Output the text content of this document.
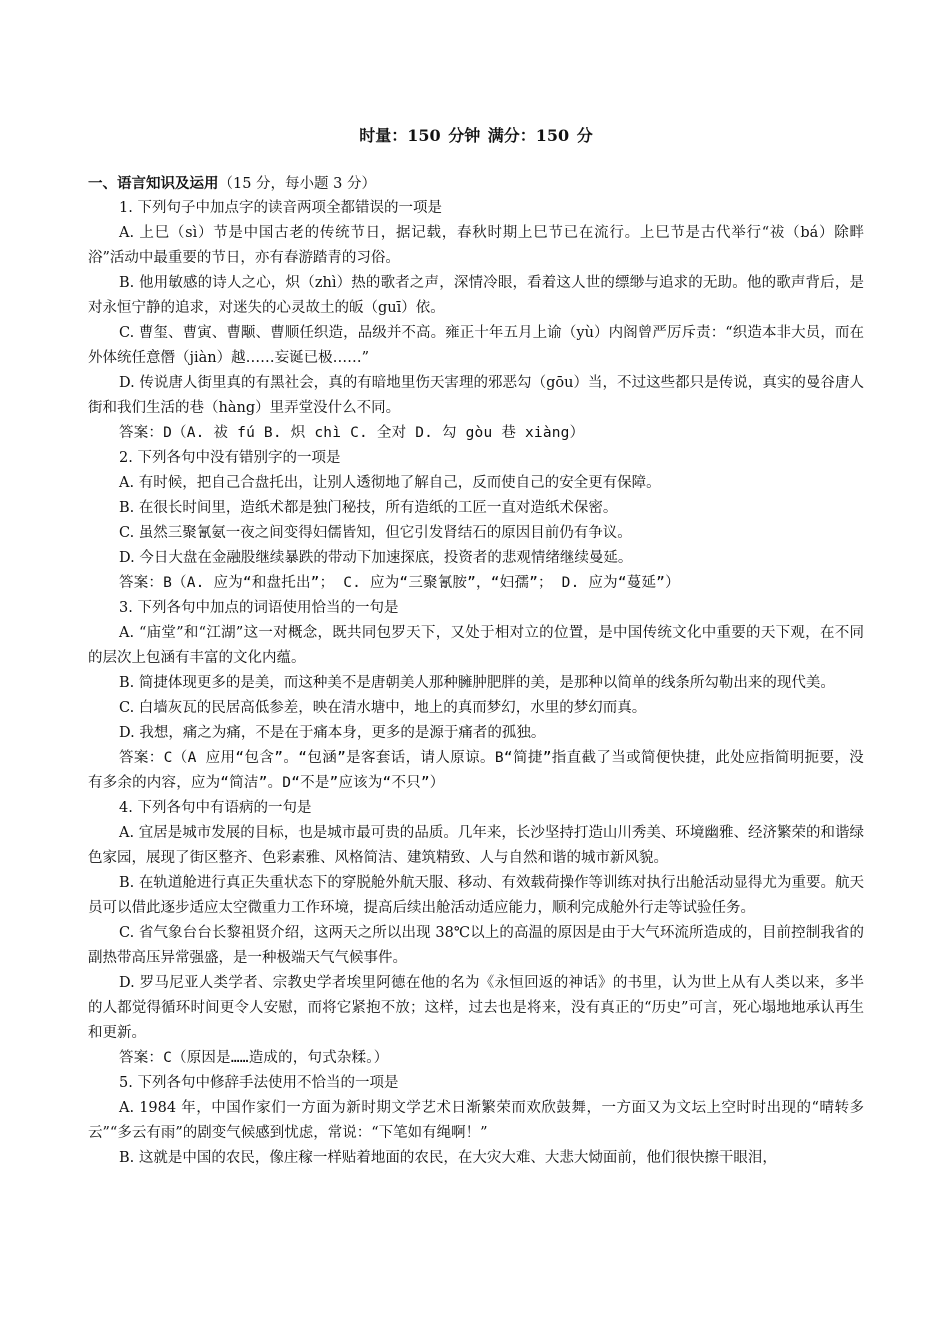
时量：150 分钟 满分：150 分
一、语言知识及运用（15 分，每小题 3 分）

1. 下列句子中加点字的读音两项全都错误的一项是

A. 上巳（sì）节是中国古老的传统节日，据记载，春秋时期上巳节已在流行。上巳节是古代举行“祓（bá）除畔浴”活动中最重要的节日，亦有春游踏青的习俗。

B. 他用敏感的诗人之心，炽（zhì）热的歌者之声，深情冷眼，看着这人世的缥缈与追求的无助。他的歌声背后，是对永恒宁静的追求，对迷失的心灵故土的皈（guī）依。

C. 曹玺、曹寅、曹颙、曹顺任织造，品级并不高。雍正十年五月上谕（yù）内阁曾严厉斥责：“织造本非大员，而在外体统任意僭（jiàn）越……妄诞已极……”

D. 传说唐人街里真的有黑社会，真的有暗地里伤天害理的邪恶勾（gōu）当，不过这些都只是传说，真实的曼谷唐人街和我们生活的巷（hàng）里弄堂没什么不同。

答案：D（A. 祓 fú B. 炽 chì C. 全对 D. 勾 gòu 巷 xiàng）

2. 下列各句中没有错别字的一项是

A. 有时候，把自己合盘托出，让别人透彻地了解自己，反而使自己的安全更有保障。

B. 在很长时间里，造纸术都是独门秘技，所有造纸的工匠一直对造纸术保密。

C. 虽然三聚氰氨一夜之间变得妇儒皆知，但它引发肾结石的原因目前仍有争议。

D. 今日大盘在金融股继续暴跌的带动下加速探底，投资者的悲观情绪继续曼延。

答案：B（A. 应为“和盘托出”； C. 应为“三聚氰胺”，“妇孺”； D. 应为“蔓延”）

3. 下列各句中加点的词语使用恰当的一句是

A. “庙堂”和“江湖”这一对概念，既共同包罗天下，又处于相对立的位置，是中国传统文化中重要的天下观，在不同的层次上包涵有丰富的文化内蕴。

B. 简捷体现更多的是美，而这种美不是唐朝美人那种臃肿肥胖的美，是那种以简单的线条所勾勒出来的现代美。

C. 白墙灰瓦的民居高低参差，映在清水塘中，地上的真而梦幻，水里的梦幻而真。

D. 我想，痛之为痛，不是在于痛本身，更多的是源于痛者的孤独。

答案：C（A 应用“包含”。“包涵”是客套话，请人原谅。B“简捷”指直截了当或简便快捷，此处应指简明扼要，没有多余的内容，应为“简洁”。D“不是”应该为“不只”）

4. 下列各句中有语病的一句是

A. 宜居是城市发展的目标，也是城市最可贵的品质。几年来，长沙坚持打造山川秀美、环境幽雅、经济繁荣的和谐绿色家园，展现了街区整齐、色彩素雅、风格简洁、建筑精致、人与自然和谐的城市新风貌。

B. 在轨道舱进行真正失重状态下的穿脱舱外航天服、移动、有效载荷操作等训练对执行出舱活动显得尤为重要。航天员可以借此逐步适应太空微重力工作环境，提高后续出舱活动适应能力，顺利完成舱外行走等试验任务。

C. 省气象台台长黎祖贤介绍，这两天之所以出现 38℃以上的高温的原因是由于大气环流所造成的，目前控制我省的副热带高压异常强盛，是一种极端天气气候事件。

D. 罗马尼亚人类学者、宗教史学者埃里阿德在他的名为《永恒回返的神话》的书里，认为世上从有人类以来，多半的人都觉得循环时间更令人安慰，而将它紧抱不放；这样，过去也是将来，没有真正的“历史”可言，死心塌地地承认再生和更新。

答案：C（原因是……造成的，句式杂糅。）

5. 下列各句中修辞手法使用不恰当的一项是

A. 1984 年，中国作家们一方面为新时期文学艺术日渐繁荣而欢欣鼓舞，一方面又为文坛上空时时出现的“晴转多云”“多云有雨”的剧变气候感到忧虑，常说：“下笔如有绳啊！”

B. 这就是中国的农民，像庄稼一样贴着地面的农民，在大灾大难、大悲大恸面前，他们很快擦干眼泪，
